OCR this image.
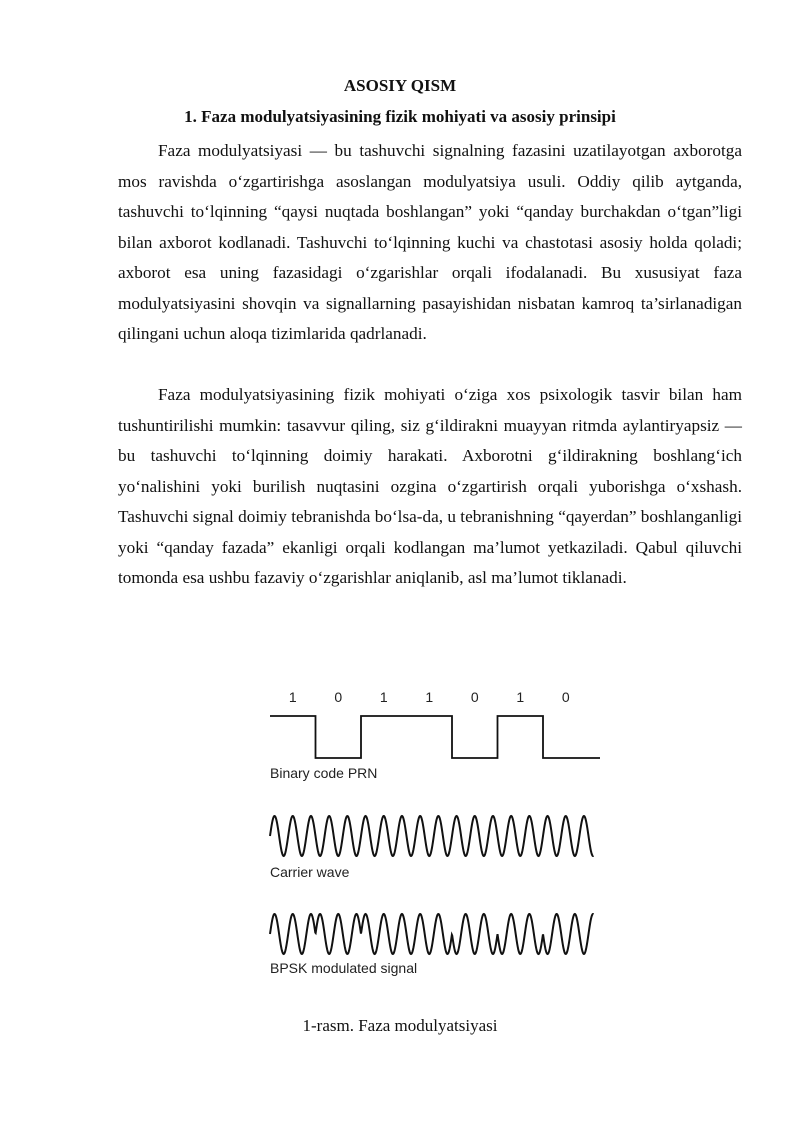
ASOSIY QISM
1. Faza modulyatsiyasining fizik mohiyati va asosiy prinsipi

Faza modulyatsiyasi — bu tashuvchi signalning fazasini uzatilayotgan axborotga mos ravishda o‘zgartirishga asoslangan modulyatsiya usuli. Oddiy qilib aytganda, tashuvchi to‘lqinning “qaysi nuqtada boshlangan” yoki “qanday burchakdan o‘tgan”ligi bilan axborot kodlanadi. Tashuvchi to‘lqinning kuchi va chastotasi asosiy holda qoladi; axborot esa uning fazasidagi o‘zgarishlar orqali ifodalanadi. Bu xususiyat faza modulyatsiyasini shovqin va signallarning pasayishidan nisbatan kamroq ta’sirlanadigan qilingani uchun aloqa tizimlarida qadrlanadi.

Faza modulyatsiyasining fizik mohiyati o‘ziga xos psixologik tasvir bilan ham tushuntirilishi mumkin: tasavvur qiling, siz g‘ildirakni muayyan ritmda aylantiryapsiz — bu tashuvchi to‘lqinning doimiy harakati. Axborotni g‘ildirakning boshlang‘ich yo‘nalishini yoki burilish nuqtasini ozgina o‘zgartirish orqali yuborishga o‘xshash. Tashuvchi signal doimiy tebranishda bo‘lsa-da, u tebranishning “qayerdan” boshlanganligi yoki “qanday fazada” ekanligi orqali kodlangan ma’lumot yetkaziladi. Qabul qiluvchi tomonda esa ushbu fazaviy o‘zgarishlar aniqlanib, asl ma’lumot tiklanadi.

1	0	1	1	0	1	0
Binary code PRN
Carrier wave
BPSK modulated signal
1-rasm. Faza modulyatsiyasi
